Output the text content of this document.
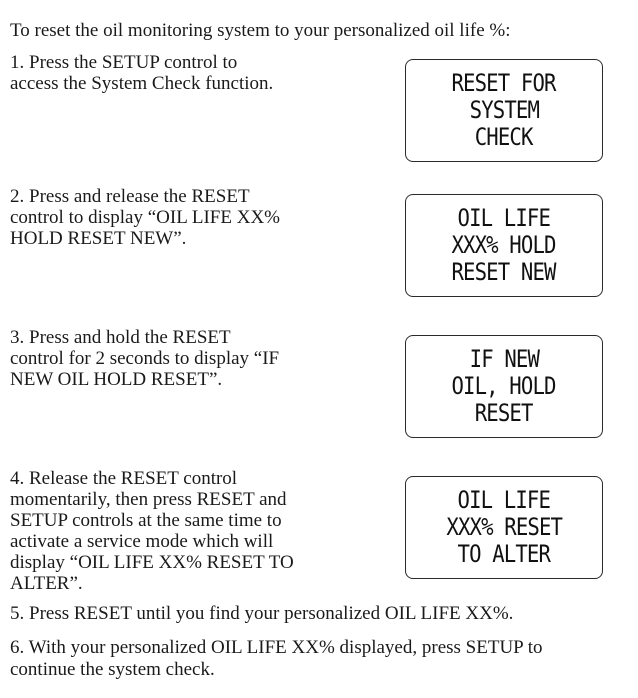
To reset the oil monitoring system to your personalized oil life %:
1. Press the SETUP control to
access the System Check function.	RESET FOR
SYSTEM
CHECK
2. Press and release the RESET
control to display “OIL LIFE XX%
HOLD RESET NEW”.
OIL LIFE
XXX% HOLD
RESET NEW
3. Press and hold the RESET
control for 2 seconds to display “IF
NEW OIL HOLD RESET”.
IF NEW
OIL, HOLD
RESET
4. Release the RESET control
momentarily, then press RESET and
SETUP controls at the same time to
activate a service mode which will
display “OIL LIFE XX% RESET TO
ALTER”.
OIL LIFE
XXX% RESET
TO ALTER
5. Press RESET until you find your personalized OIL LIFE XX%.
6. With your personalized OIL LIFE XX% displayed, press SETUP to
continue the system check.
